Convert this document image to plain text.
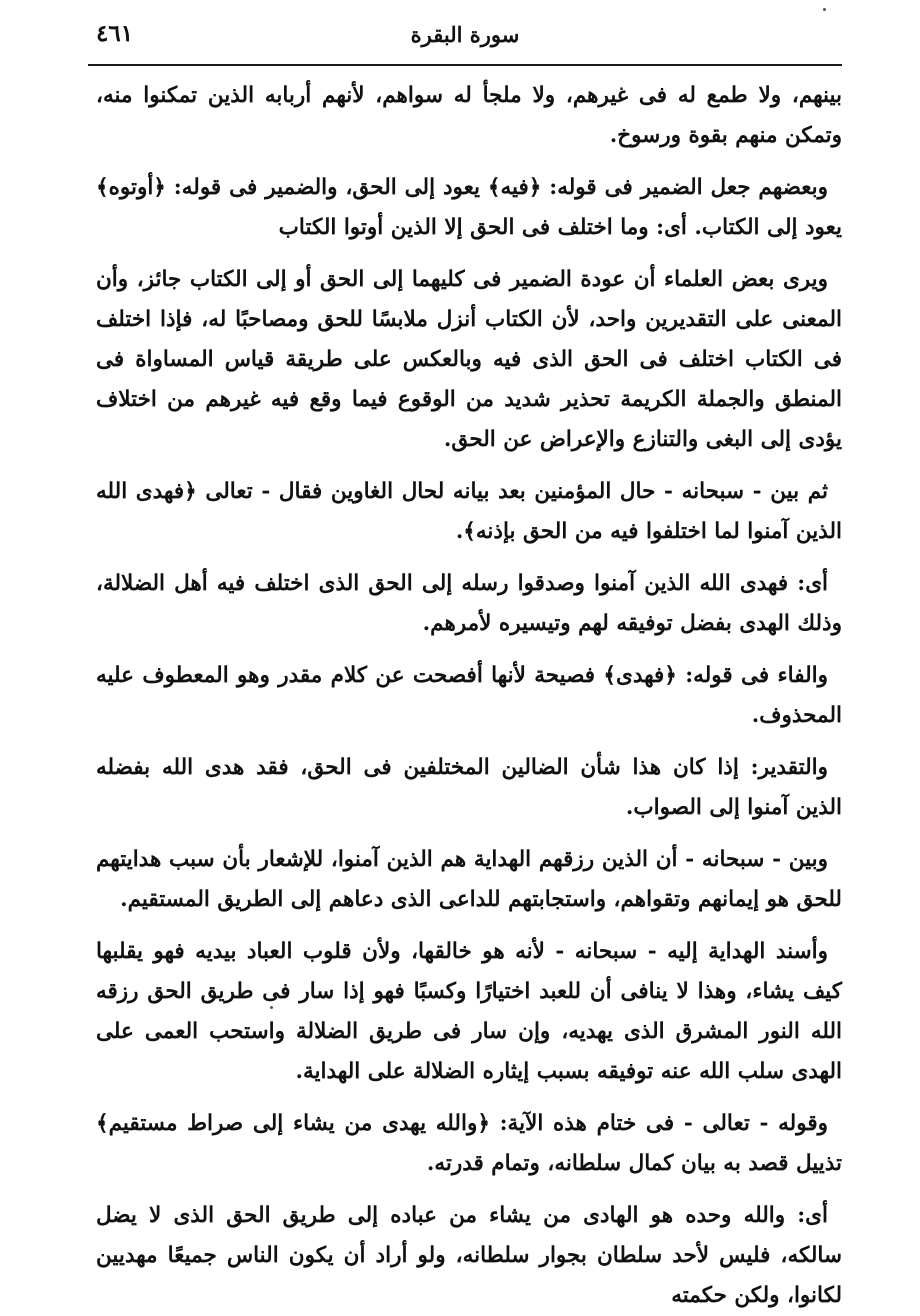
سورة البقرة
٤٦١

بينهم، ولا طمع له فى غيرهم، ولا ملجأ له سواهم، لأنهم أربابه الذين تمكنوا منه، وتمكن منهم بقوة ورسوخ.

وبعضهم جعل الضمير فى قوله: ﴿فيه﴾ يعود إلى الحق، والضمير فى قوله: ﴿أوتوه﴾ يعود إلى الكتاب. أى: وما اختلف فى الحق إلا الذين أوتوا الكتاب

ويرى بعض العلماء أن عودة الضمير فى كليهما إلى الحق أو إلى الكتاب جائز، وأن المعنى على التقديرين واحد، لأن الكتاب أنزل ملابسًا للحق ومصاحبًا له، فإذا اختلف فى الكتاب اختلف فى الحق الذى فيه وبالعكس على طريقة قياس المساواة فى المنطق والجملة الكريمة تحذير شديد من الوقوع فيما وقع فيه غيرهم من اختلاف يؤدى إلى البغى والتنازع والإعراض عن الحق.

ثم بين - سبحانه - حال المؤمنين بعد بيانه لحال الغاوين فقال - تعالى ﴿فهدى الله الذين آمنوا لما اختلفوا فيه من الحق بإذنه﴾.

أى: فهدى الله الذين آمنوا وصدقوا رسله إلى الحق الذى اختلف فيه أهل الضلالة، وذلك الهدى بفضل توفيقه لهم وتيسيره لأمرهم.

والفاء فى قوله: ﴿فهدى﴾ فصيحة لأنها أفصحت عن كلام مقدر وهو المعطوف عليه المحذوف.

والتقدير: إذا كان هذا شأن الضالين المختلفين فى الحق، فقد هدى الله بفضله الذين آمنوا إلى الصواب.

وبين - سبحانه - أن الذين رزقهم الهداية هم الذين آمنوا، للإشعار بأن سبب هدايتهم للحق هو إيمانهم وتقواهم، واستجابتهم للداعى الذى دعاهم إلى الطريق المستقيم.

وأسند الهداية إليه - سبحانه - لأنه هو خالقها، ولأن قلوب العباد بيديه فهو يقلبها كيف يشاء، وهذا لا ينافى أن للعبد اختيارًا وكسبًا فهو إذا سار فى طريق الحق رزقه الله النور المشرق الذى يهديه، وإن سار فى طريق الضلالة واستحب العمى على الهدى سلب الله عنه توفيقه بسبب إيثاره الضلالة على الهداية.

وقوله - تعالى - فى ختام هذه الآية: ﴿والله يهدى من يشاء إلى صراط مستقيم﴾ تذييل قصد به بيان كمال سلطانه، وتمام قدرته.

أى: والله وحده هو الهادى من يشاء من عباده إلى طريق الحق الذى لا يضل سالكه، فليس لأحد سلطان بجوار سلطانه، ولو أراد أن يكون الناس جميعًا مهديين لكانوا، ولكن حكمته
